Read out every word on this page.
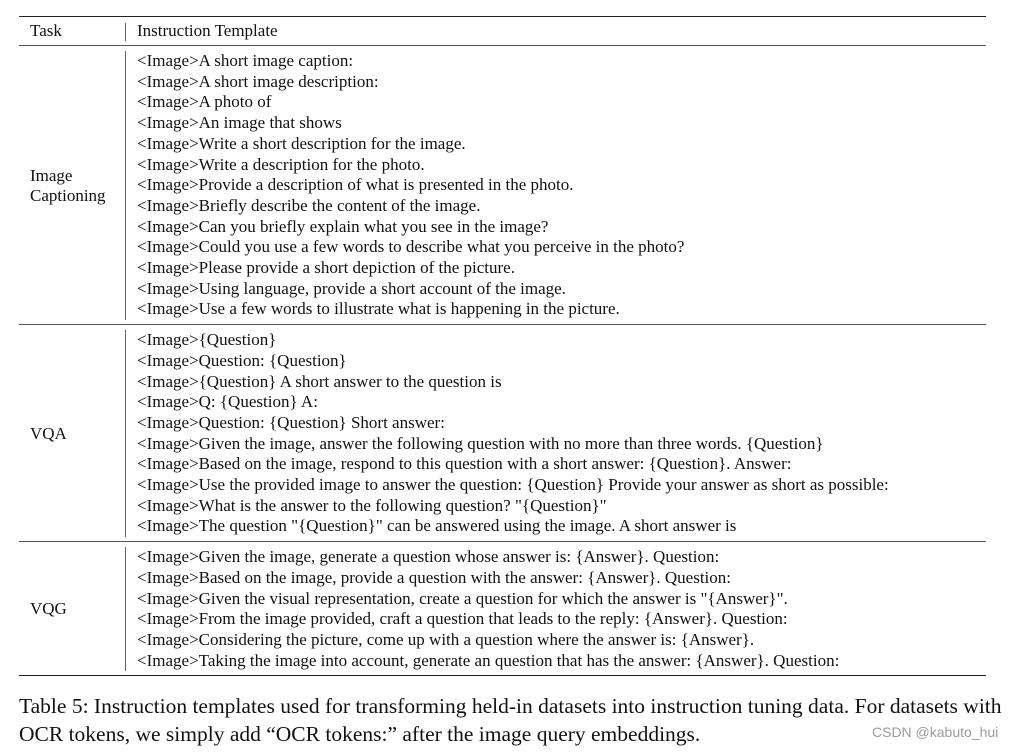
Task	Instruction Template
Image
Captioning
<Image>A short image caption:
<Image>A short image description:
<Image>A photo of
<Image>An image that shows
<Image>Write a short description for the image.
<Image>Write a description for the photo.
<Image>Provide a description of what is presented in the photo.
<Image>Briefly describe the content of the image.
<Image>Can you briefly explain what you see in the image?
<Image>Could you use a few words to describe what you perceive in the photo?
<Image>Please provide a short depiction of the picture.
<Image>Using language, provide a short account of the image.
<Image>Use a few words to illustrate what is happening in the picture.
VQA
<Image>{Question}
<Image>Question: {Question}
<Image>{Question} A short answer to the question is
<Image>Q: {Question} A:
<Image>Question: {Question} Short answer:
<Image>Given the image, answer the following question with no more than three words. {Question}
<Image>Based on the image, respond to this question with a short answer: {Question}. Answer:
<Image>Use the provided image to answer the question: {Question} Provide your answer as short as possible:
<Image>What is the answer to the following question? "{Question}"
<Image>The question "{Question}" can be answered using the image. A short answer is
VQG
<Image>Given the image, generate a question whose answer is: {Answer}. Question:
<Image>Based on the image, provide a question with the answer: {Answer}. Question:
<Image>Given the visual representation, create a question for which the answer is "{Answer}".
<Image>From the image provided, craft a question that leads to the reply: {Answer}. Question:
<Image>Considering the picture, come up with a question where the answer is: {Answer}.
<Image>Taking the image into account, generate an question that has the answer: {Answer}. Question:
Table 5: Instruction templates used for transforming held-in datasets into instruction tuning data. For datasets with OCR tokens, we simply add “OCR tokens:” after the image query embeddings.	CSDN @kabuto_hui
